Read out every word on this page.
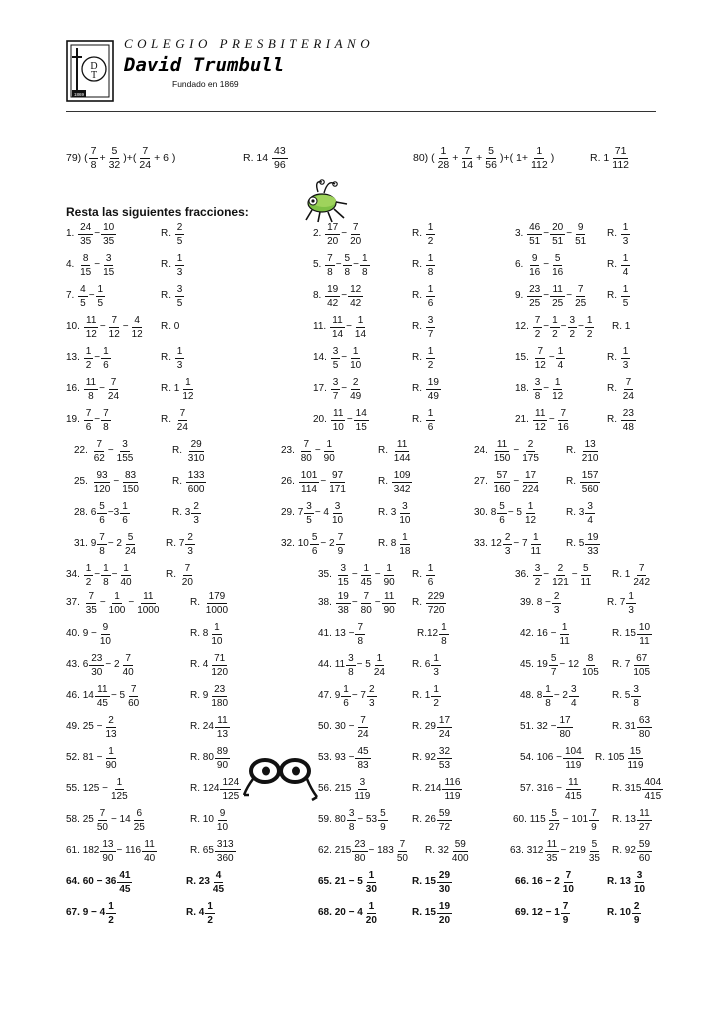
D
T
1869
COLEGIO PRESBITERIANO
David Trumbull
Fundado en 1869
Resta las siguientes fracciones:
79) ( $\frac{7}{8} + \frac{5}{32}$ )+( $\frac{7}{24} + 6$ )	R. $14 \frac{43}{96}$	80) ( $\frac{1}{28} + \frac{7}{14} + \frac{5}{56}$ )+( $1+ \frac{1}{112}$ )	R. $1 \frac{71}{112}$
1. $\frac{24}{35} - \frac{10}{35}$	R. $\frac{2}{5}$	2. $\frac{17}{20} - \frac{7}{20}$	R. $\frac{1}{2}$	3. $\frac{46}{51} - \frac{20}{51} - \frac{9}{51} R$. $\frac{1}{3}$
4. $\frac{8}{15} - \frac{3}{15}$	R. $\frac{1}{3}$	5. $\frac{7}{8} - \frac{5}{8} - \frac{1}{8}$	R. $\frac{1}{8}$	6. $\frac{9}{16} - \frac{5}{16}$	R. $\frac{1}{4}$
7. $\frac{4}{5} - \frac{1}{5}$	R. $\frac{3}{5}$	8. $\frac{19}{42} - \frac{12}{42}$	R. $\frac{1}{6}$	9. $\frac{23}{25} - \frac{11}{25} - \frac{7}{25} R$. $\frac{1}{5}$
10. $\frac{11}{12} - \frac{7}{12} - \frac{4}{12} R$. 0	11. $\frac{11}{14} - \frac{1}{14}$	R. $\frac{3}{7}$	12. $\frac{7}{2} - \frac{1}{2} - \frac{3}{2} - \frac{1}{2} R$. 1
13. $\frac{1}{2} - \frac{1}{6}$	R. $\frac{1}{3}$	14. $\frac{3}{5} - \frac{1}{10}$	R. $\frac{1}{2}$	15. $\frac{7}{12} - \frac{1}{4}$	R. $\frac{1}{3}$
16. $\frac{11}{8} - \frac{7}{24}$	R. $1 \frac{1}{12}$	17. $\frac{3}{7} - \frac{2}{49}$	R. $\frac{19}{49}$	18. $\frac{3}{8} - \frac{1}{12}$	R. $\frac{7}{24}$
19. $\frac{7}{6} - \frac{7}{8}$	R. $\frac{7}{24}$	20. $\frac{11}{10} - \frac{14}{15}$	R. $\frac{1}{6}$	21. $\frac{11}{12} - \frac{7}{16}$	R. $\frac{23}{48}$
22. $\frac{7}{62} - \frac{3}{155}$	R. $\frac{29}{310}$	23. $\frac{7}{80} - \frac{1}{90}$	R. $\frac{11}{144}$	24. $\frac{11}{150} - \frac{2}{175}$	R. $\frac{13}{210}$
25. $\frac{93}{120} - \frac{83}{150}$	R. $\frac{133}{600}$	26. $\frac{101}{114} - \frac{97}{171}$	R. $\frac{109}{342}$	27. $\frac{57}{160} - \frac{17}{224}$	R. $\frac{157}{560}$
28. $6 \frac{5}{6} -3 \frac{1}{6}$	R. $3 \frac{2}{3}$	29. $7 \frac{3}{5} - 4 \frac{3}{10}$	R. $3 \frac{3}{10}$	30. $8 \frac{5}{6} - 5 \frac{1}{12}$	R. $3 \frac{3}{4}$
31. $9 \frac{7}{8} - 2 \frac{5}{24}$	R. $7 \frac{2}{3}$	32. $10 \frac{5}{6} - 2 \frac{7}{9}$	R. $8 \frac{1}{18}$	33. $12 \frac{2}{3} - 7 \frac{1}{11} R$. $5 \frac{19}{33}$
34. $\frac{1}{2} - \frac{1}{8} - \frac{1}{40}$	R. $\frac{7}{20}$	35. $\frac{3}{15} - \frac{1}{45} - \frac{1}{90} R$. $\frac{1}{6}$	36. $\frac{3}{2} - \frac{2}{121} - \frac{5}{11} R$. $1 \frac{7}{242}$
37. $\frac{7}{35} - \frac{1}{100} - \frac{11}{1000}$	R. $\frac{179}{1000}$	38. $\frac{19}{38} - \frac{7}{80} - \frac{11}{90} R$. $\frac{229}{720}$	39. $8 - \frac{2}{3}$	R. $7 \frac{1}{3}$
40. $9 - \frac{9}{10}$	R. $8 \frac{1}{10}$	41. $13 - \frac{7}{8}$	$R.12 \frac{1}{8}$	42. $16 - \frac{1}{11}$	R. $15 \frac{10}{11}$
43. $6 \frac{23}{30} - 2 \frac{7}{40}$	R. $4 \frac{71}{120}$	44. $11 \frac{3}{8} - 5 \frac{1}{24}$	R. $6 \frac{1}{3}$	45. $19 \frac{5}{7} - 12 \frac{8}{105} R$. $7 \frac{67}{105}$
46. $14 \frac{11}{45} - 5 \frac{7}{60}$	R. $9 \frac{23}{180}$	47. $9 \frac{1}{6} - 7 \frac{2}{3}$	R. $1 \frac{1}{2}$	48. $8 \frac{1}{8} - 2 \frac{3}{4}$	R. $5 \frac{3}{8}$
49. $25 - \frac{2}{13}$	R. $24 \frac{11}{13}$	50. $30 - \frac{7}{24}$	R. $29 \frac{17}{24}$	51. $32 - \frac{17}{80}$	R. $31 \frac{63}{80}$
52. $81 - \frac{1}{90}$	R. $80 \frac{89}{90}$	53. $93 - \frac{45}{83}$	R. $92 \frac{32}{53}$	54. $106 - \frac{104}{119} R$. $105 \frac{15}{119}$
55. $125 - \frac{1}{125}$	R. $124 \frac{124}{125}$	56. $215 \frac{3}{119}$	R. $214 \frac{116}{119}$	57. $316 - \frac{11}{415}$	R. $315 \frac{404}{415}$
58. $25 \frac{7}{50} - 14 \frac{6}{25}$	R. $10 \frac{9}{10}$	59. $80 \frac{3}{8} - 53 \frac{5}{9} R$. $26 \frac{59}{72}$	60. $115 \frac{5}{27} - 101 \frac{7}{9} R$. $13 \frac{11}{27}$
61. $182 \frac{13}{90} - 116 \frac{11}{40}$	R. $65 \frac{313}{360}$	62. $215 \frac{23}{80} - 183 \frac{7}{50} R$. $32 \frac{59}{400}$	63. $312 \frac{11}{35} - 219 \frac{5}{35} R$. $92 \frac{59}{60}$
64. $60 - 36 \frac{41}{45}$	R. $23 \frac{4}{45}$	65. $21 - 5 \frac{1}{30}$	R. $15 \frac{29}{30}$	66. $16 - 2 \frac{7}{10}$	R. $13 \frac{3}{10}$
67. $9 - 4 \frac{1}{2}$	R. $4 \frac{1}{2}$	68. $20 - 4 \frac{1}{20}$	R. $15 \frac{19}{20}$	69. $12 - 1 \frac{7}{9}$	R. $10 \frac{2}{9}$
